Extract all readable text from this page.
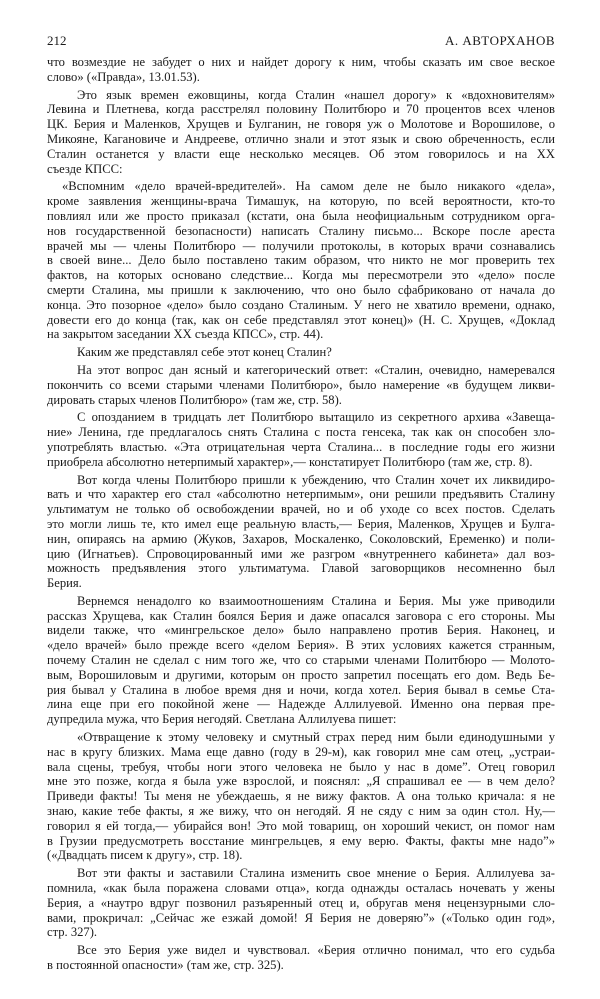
212	А. АВТОРХАНОВ
что возмездие не забудет о них и найдет дорогу к ним, чтобы сказать им свое веское
слово» («Правда», 13.01.53).
Это язык времен ежовщины, когда Сталин «нашел дорогу» к «вдохновителям»
Левина и Плетнева, когда расстрелял половину Политбюро и 70 процентов всех членов
ЦК. Берия и Маленков, Хрущев и Булганин, не говоря уж о Молотове и Ворошилове, о
Микояне, Кагановиче и Андрееве, отлично знали и этот язык и свою обреченность, если
Сталин останется у власти еще несколько месяцев. Об этом говорилось и на XX
съезде КПСС:
«Вспомним «дело врачей-вредителей». На самом деле не было никакого «дела»,
кроме заявления женщины-врача Тимашук, на которую, по всей вероятности, кто-то
повлиял или же просто приказал (кстати, она была неофициальным сотрудником орга-
нов государственной безопасности) написать Сталину письмо... Вскоре после ареста
врачей мы — члены Политбюро — получили протоколы, в которых врачи сознавались
в своей вине... Дело было поставлено таким образом, что никто не мог проверить тех
фактов, на которых основано следствие... Когда мы пересмотрели это «дело» после
смерти Сталина, мы пришли к заключению, что оно было сфабриковано от начала до
конца. Это позорное «дело» было создано Сталиным. У него не хватило времени, однако,
довести его до конца (так, как он себе представлял этот конец)» (Н. С. Хрущев, «Доклад
на закрытом заседании XX съезда КПСС», стр. 44).
Каким же представлял себе этот конец Сталин?
На этот вопрос дан ясный и категорический ответ: «Сталин, очевидно, намеревался
покончить со всеми старыми членами Политбюро», было намерение «в будущем ликви-
дировать старых членов Политбюро» (там же, стр. 58).
С опозданием в тридцать лет Политбюро вытащило из секретного архива «Завеща-
ние» Ленина, где предлагалось снять Сталина с поста генсека, так как он способен зло-
употреблять властью. «Эта отрицательная черта Сталина... в последние годы его жизни
приобрела абсолютно нетерпимый характер»,— констатирует Политбюро (там же, стр. 8).
Вот когда члены Политбюро пришли к убеждению, что Сталин хочет их ликвидиро-
вать и что характер его стал «абсолютно нетерпимым», они решили предъявить Сталину
ультиматум не только об освобождении врачей, но и об уходе со всех постов. Сделать
это могли лишь те, кто имел еще реальную власть,— Берия, Маленков, Хрущев и Булга-
нин, опираясь на армию (Жуков, Захаров, Москаленко, Соколовский, Еременко) и поли-
цию (Игнатьев). Спровоцированный ими же разгром «внутреннего кабинета» дал воз-
можность предъявления этого ультиматума. Главой заговорщиков несомненно был
Берия.
Вернемся ненадолго ко взаимоотношениям Сталина и Берия. Мы уже приводили
рассказ Хрущева, как Сталин боялся Берия и даже опасался заговора с его стороны. Мы
видели также, что «мингрельское дело» было направлено против Берия. Наконец, и
«дело врачей» было прежде всего «делом Берия». В этих условиях кажется странным,
почему Сталин не сделал с ним того же, что со старыми членами Политбюро — Молото-
вым, Ворошиловым и другими, которым он просто запретил посещать его дом. Ведь Бе-
рия бывал у Сталина в любое время дня и ночи, когда хотел. Берия бывал в семье Ста-
лина еще при его покойной жене — Надежде Аллилуевой. Именно она первая пре-
дупредила мужа, что Берия негодяй. Светлана Аллилуева пишет:
«Отвращение к этому человеку и смутный страх перед ним были единодушными у
нас в кругу близких. Мама еще давно (году в 29-м), как говорил мне сам отец, „устраи-
вала сцены, требуя, чтобы ноги этого человека не было у нас в доме”. Отец говорил
мне это позже, когда я была уже взрослой, и пояснял: „Я спрашивал ее — в чем дело?
Приведи факты! Ты меня не убеждаешь, я не вижу фактов. А она только кричала: я не
знаю, какие тебе факты, я же вижу, что он негодяй. Я не сяду с ним за один стол. Ну,—
говорил я ей тогда,— убирайся вон! Это мой товарищ, он хороший чекист, он помог нам
в Грузии предусмотреть восстание мингрельцев, я ему верю. Факты, факты мне надо”»
(«Двадцать писем к другу», стр. 18).
Вот эти факты и заставили Сталина изменить свое мнение о Берия. Аллилуева за-
помнила, «как была поражена словами отца», когда однажды осталась ночевать у жены
Берия, а «наутро вдруг позвонил разъяренный отец и, обругав меня нецензурными сло-
вами, прокричал: „Сейчас же езжай домой! Я Берия не доверяю”» («Только один год»,
стр. 327).
Все это Берия уже видел и чувствовал. «Берия отлично понимал, что его судьба
в постоянной опасности» (там же, стр. 325).
